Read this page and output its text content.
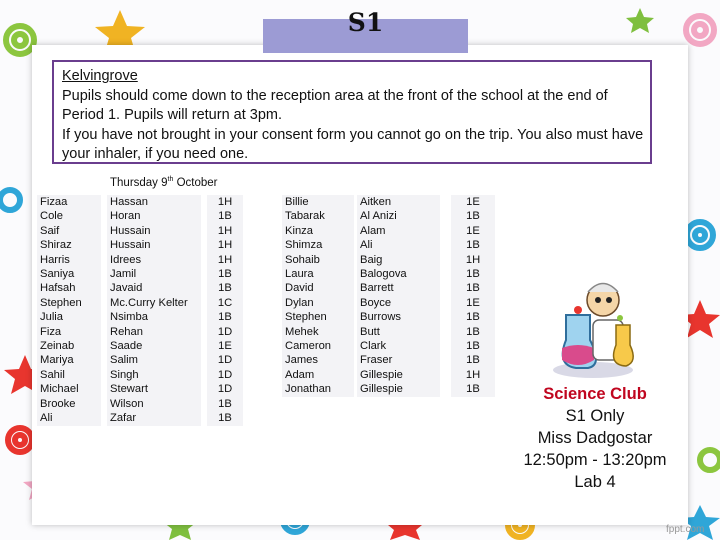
S1

Kelvingrove

Pupils should come down to the reception area at the front of the school at the end of Period 1. Pupils will return at 3pm.

If you have not brought in your consent form you cannot go on the trip. You also must have your inhaler, if you need one.

Thursday 9th October
Fizaa		Hassan		1H
Cole		Horan		1B
Saif		Hussain		1H
Shiraz		Hussain		1H
Harris		Idrees		1H
Saniya		Jamil		1B
Hafsah		Javaid		1B
Stephen		Mc.Curry Kelter		1C
Julia		Nsimba		1B
Fiza		Rehan		1D
Zeinab		Saade		1E
Mariya		Salim		1D
Sahil		Singh		1D
Michael		Stewart		1D
Brooke		Wilson		1B
Ali		Zafar		1B
Billie		Aitken		1E
Tabarak		Al Anizi		1B
Kinza		Alam		1E
Shimza		Ali		1B
Sohaib		Baig		1H
Laura		Balogova		1B
David		Barrett		1B
Dylan		Boyce		1E
Stephen		Burrows		1B
Mehek		Butt		1B
Cameron		Clark		1B
James		Fraser		1B
Adam		Gillespie		1H
Jonathan		Gillespie		1B	Science Club
S1 Only
Miss Dadgostar
12:50pm - 13:20pm
Lab 4
fppt.com
